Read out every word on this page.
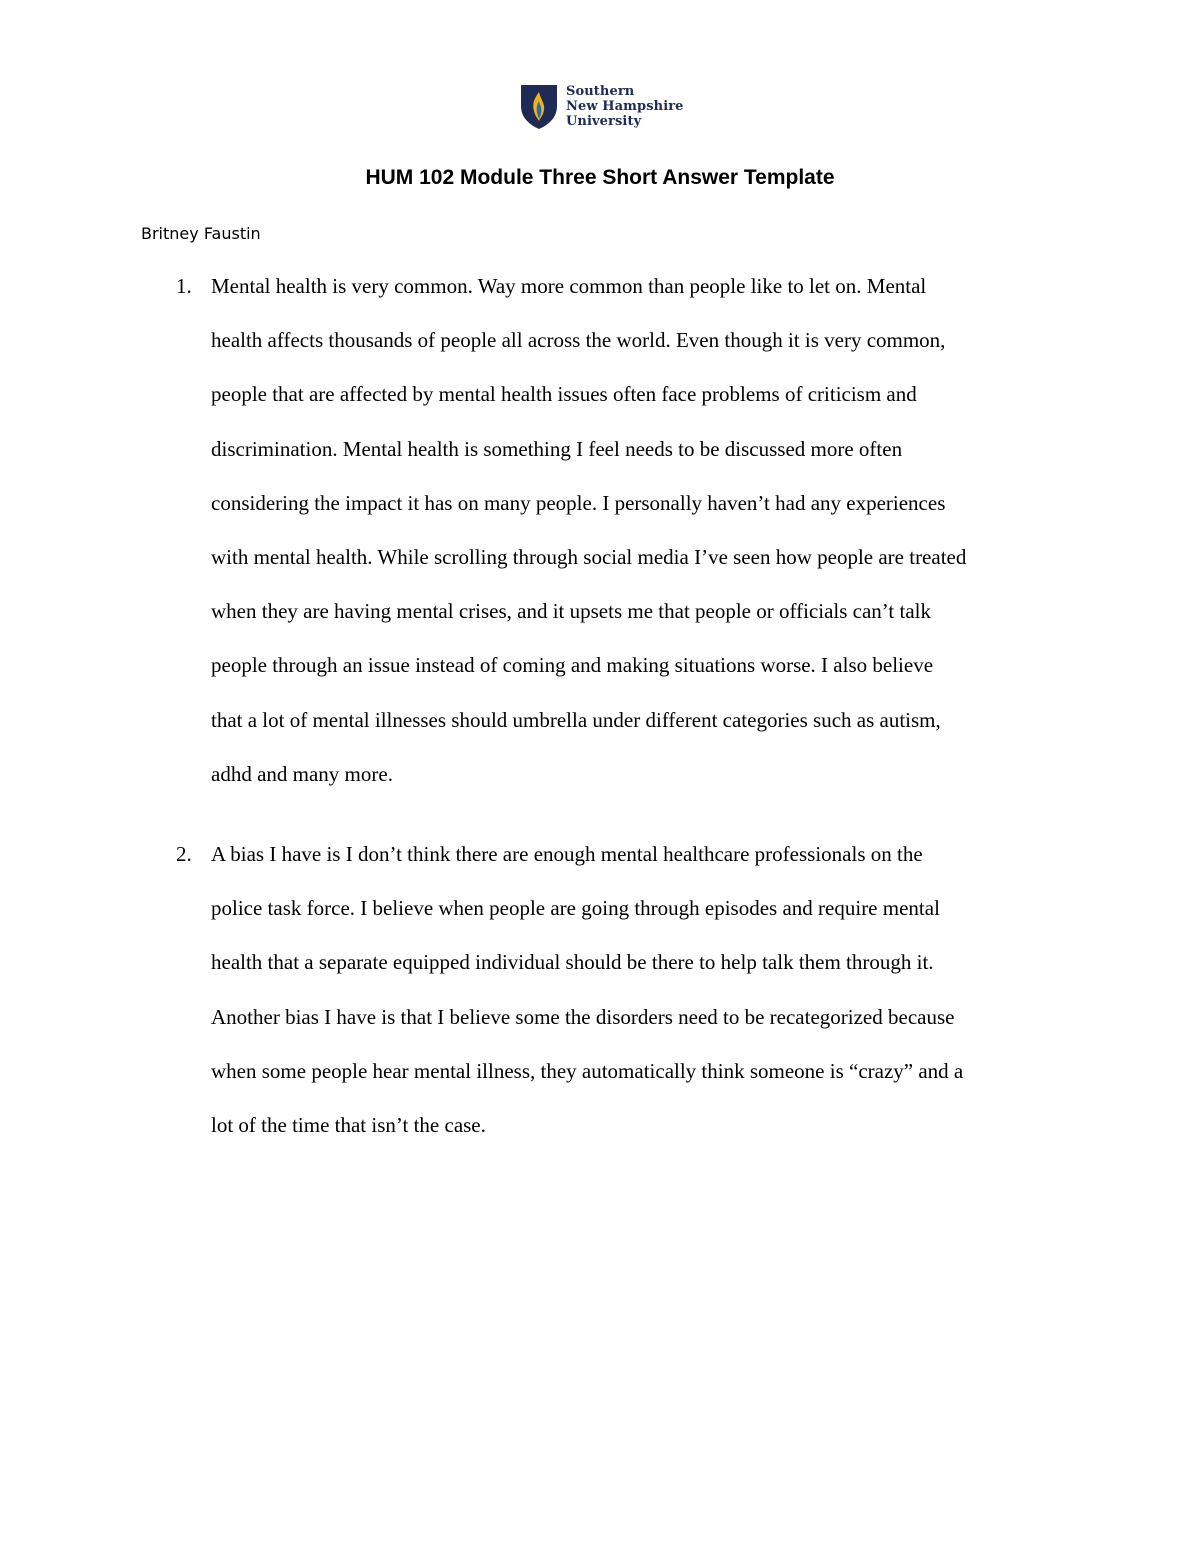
Southern
New Hampshire
University
HUM 102 Module Three Short Answer Template
Britney Faustin
1. Mental health is very common. Way more common than people like to let on. Mental
health affects thousands of people all across the world. Even though it is very common,
people that are affected by mental health issues often face problems of criticism and
discrimination. Mental health is something I feel needs to be discussed more often
considering the impact it has on many people. I personally haven’t had any experiences
with mental health. While scrolling through social media I’ve seen how people are treated
when they are having mental crises, and it upsets me that people or officials can’t talk
people through an issue instead of coming and making situations worse. I also believe
that a lot of mental illnesses should umbrella under different categories such as autism,
adhd and many more.

2. A bias I have is I don’t think there are enough mental healthcare professionals on the
police task force. I believe when people are going through episodes and require mental
health that a separate equipped individual should be there to help talk them through it.
Another bias I have is that I believe some the disorders need to be recategorized because
when some people hear mental illness, they automatically think someone is “crazy” and a
lot of the time that isn’t the case.
